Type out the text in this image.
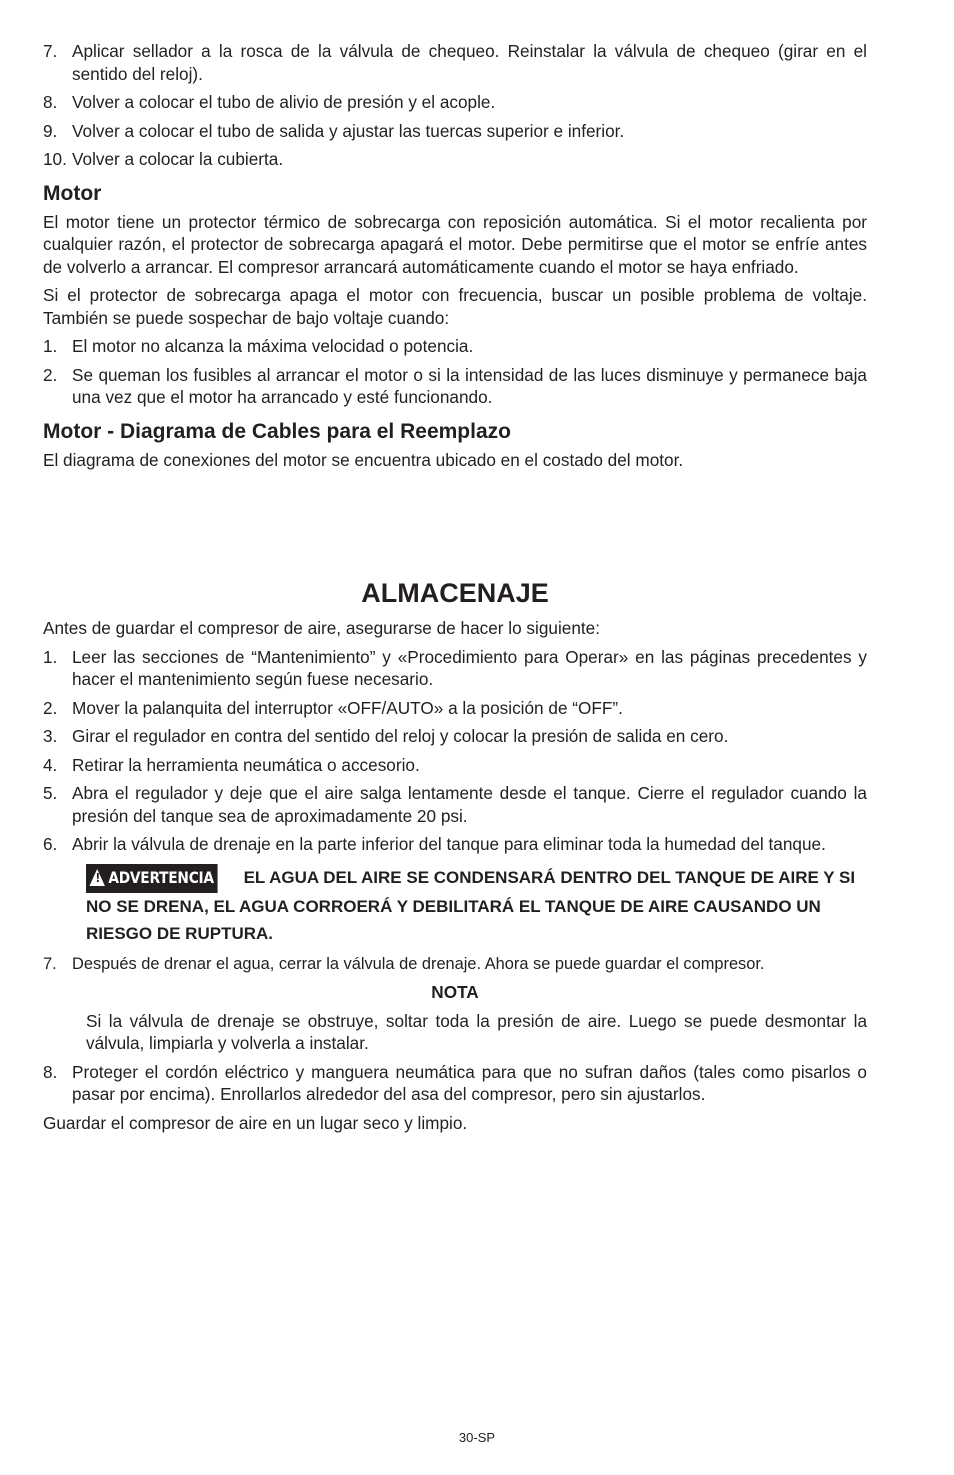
7. Aplicar sellador a la rosca de la válvula de chequeo. Reinstalar la válvula de chequeo (girar en el sentido del reloj).
8. Volver a colocar el tubo de alivio de presión y el acople.
9. Volver a colocar el tubo de salida y ajustar las tuercas superior e inferior.
10. Volver a colocar la cubierta.
Motor

El motor tiene un protector térmico de sobrecarga con reposición automática. Si el motor recalienta por cualquier razón, el protector de sobrecarga apagará el motor. Debe permitirse que el motor se enfríe antes de volverlo a arrancar. El compresor arrancará automáticamente cuando el motor se haya enfriado.

Si el protector de sobrecarga apaga el motor con frecuencia, buscar un posible problema de voltaje. También se puede sospechar de bajo voltaje cuando:

1. El motor no alcanza la máxima velocidad o potencia.
2. Se queman los fusibles al arrancar el motor o si la intensidad de las luces disminuye y permanece baja una vez que el motor ha arrancado y esté funcionando.
Motor - Diagrama de Cables para el Reemplazo

El diagrama de conexiones del motor se encuentra ubicado en el costado del motor.

ALMACENAJE

Antes de guardar el compresor de aire, asegurarse de hacer lo siguiente:

1. Leer las secciones de “Mantenimiento” y «Procedimiento para Operar» en las páginas precedentes y hacer el mantenimiento según fuese necesario.
2. Mover la palanquita del interruptor «OFF/AUTO» a la posición de “OFF”.
3. Girar el regulador en contra del sentido del reloj y colocar la presión de salida en cero.
4. Retirar la herramienta neumática o accesorio.
5. Abra el regulador y deje que el aire salga lentamente desde el tanque. Cierre el regulador cuando la presión del tanque sea de aproximadamente 20 psi.
6. Abrir la válvula de drenaje en la parte inferior del tanque para eliminar toda la humedad del tanque.
! ADVERTENCIA EL AGUA DEL AIRE SE CONDENSARÁ DENTRO DEL TANQUE DE AIRE Y SI NO SE DRENA, EL AGUA CORROERÁ Y DEBILITARÁ EL TANQUE DE AIRE CAUSANDO UN RIESGO DE RUPTURA.
7. Después de drenar el agua, cerrar la válvula de drenaje. Ahora se puede guardar el compresor.
NOTA

Si la válvula de drenaje se obstruye, soltar toda la presión de aire. Luego se puede desmontar la válvula, limpiarla y volverla a instalar.

8. Proteger el cordón eléctrico y manguera neumática para que no sufran daños (tales como pisarlos o pasar por encima). Enrollarlos alrededor del asa del compresor, pero sin ajustarlos.

Guardar el compresor de aire en un lugar seco y limpio.

30-SP
